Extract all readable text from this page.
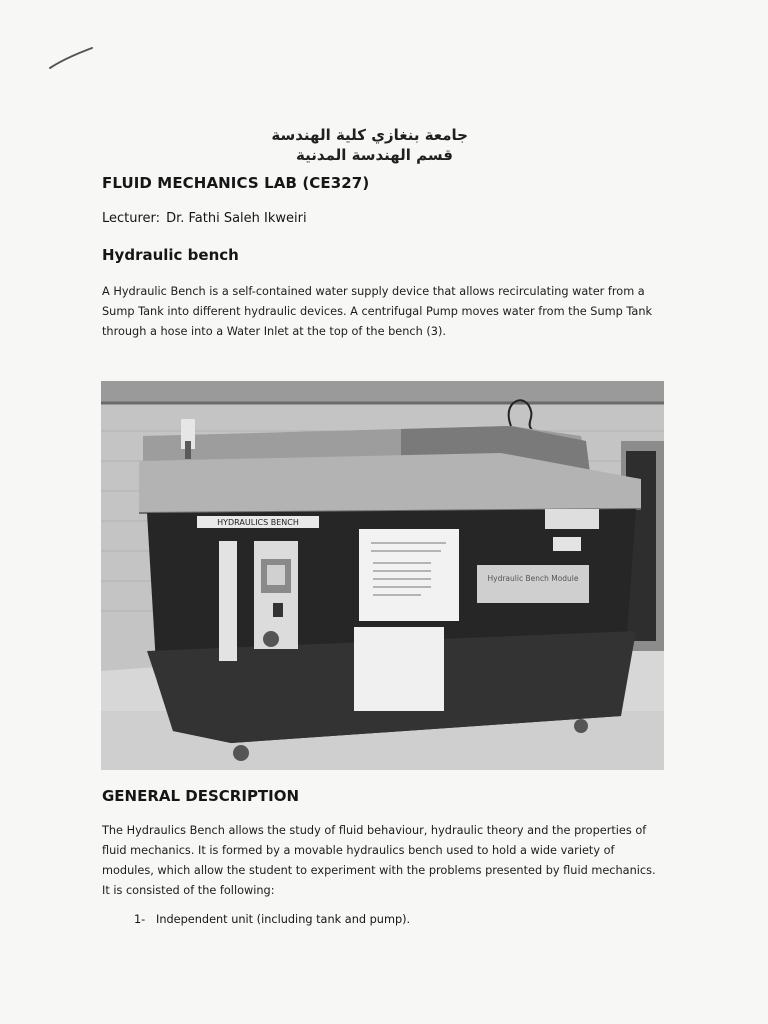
جامعة بنغازي كلية الهندسة
قسم الهندسة المدنية
FLUID MECHANICS LAB (CE327)
Lecturer: Dr. Fathi Saleh Ikweiri
Hydraulic bench
A Hydraulic Bench is a self-contained water supply device that allows recirculating water from a Sump Tank into different hydraulic devices. A centrifugal Pump moves water from the Sump Tank through a hose into a Water Inlet at the top of the bench (3).
HYDRAULICS BENCH
Hydraulic Bench Module
GENERAL DESCRIPTION
The Hydraulics Bench allows the study of fluid behaviour, hydraulic theory and the properties of fluid mechanics. It is formed by a movable hydraulics bench used to hold a wide variety of modules, which allow the student to experiment with the problems presented by fluid mechanics. It is consisted of the following:
1- Independent unit (including tank and pump).
